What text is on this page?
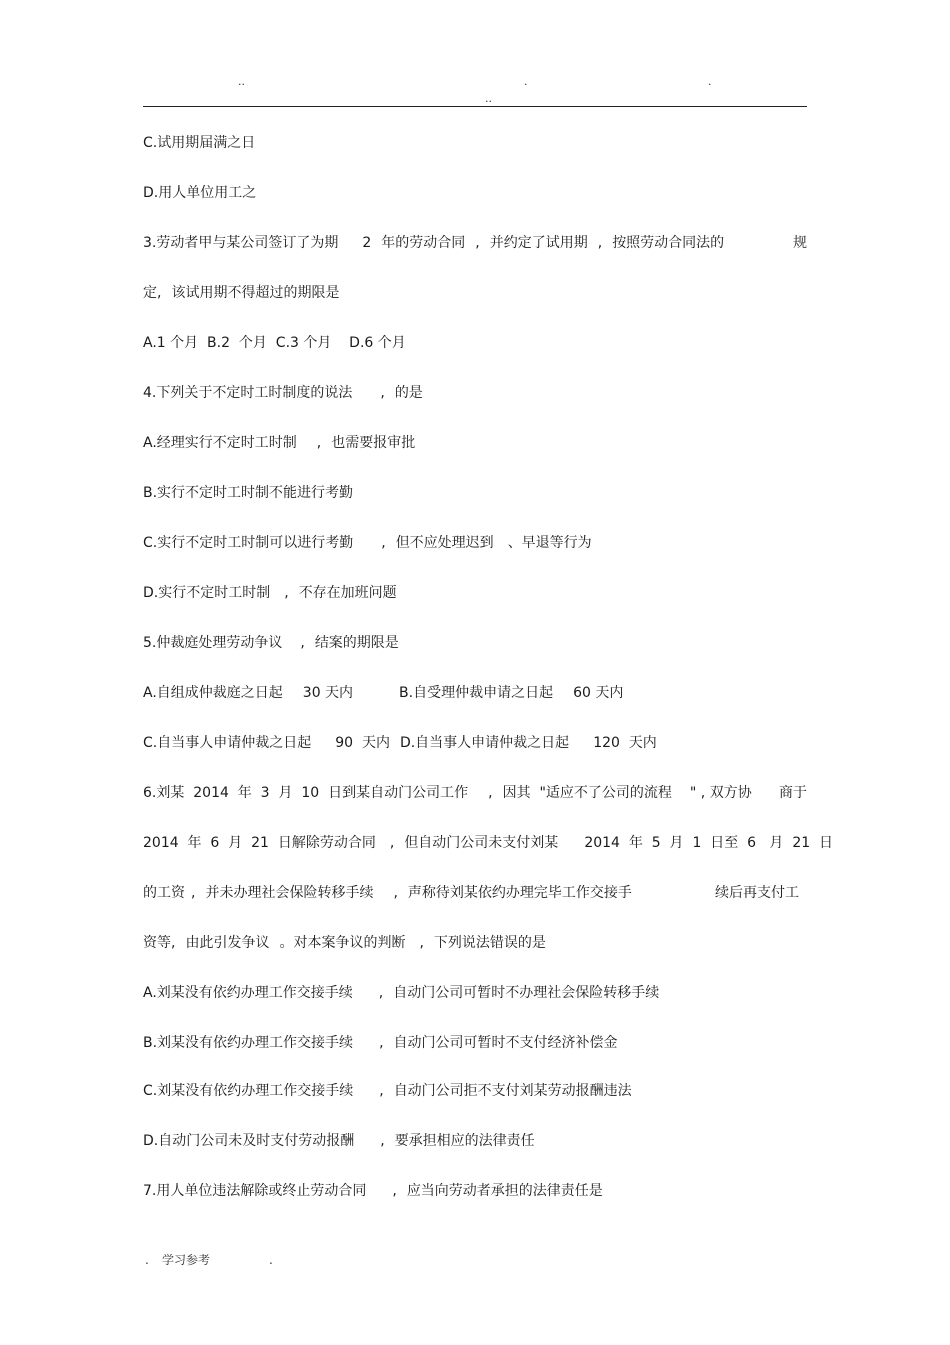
..	.	.
..
C.试用期届满之日
D.用人单位用工之
3.劳动者甲与某公司签订了为期 2 年的劳动合同 , 并约定了试用期 , 按照劳动合同法的	规
定, 该试用期不得超过的期限是
A.1 个月  B.2  个月  C.3 个月    D.6 个月
4.下列关于不定时工时制度的说法 , 的是
A.经理实行不定时工时制 , 也需要报审批
B.实行不定时工时制不能进行考勤
C.实行不定时工时制可以进行考勤 , 但不应处理迟到 、早退等行为
D.实行不定时工时制 , 不存在加班问题
5.仲裁庭处理劳动争议 , 结案的期限是
A.自组成仲裁庭之日起 30 天内	B.自受理仲裁申请之日起 60 天内
C.自当事人申请仲裁之日起 90  天内 D.自当事人申请仲裁之日起 120  天内
6.刘某  2014  年  3  月  10  日到某自动门公司工作 , 因其  "适应不了公司的流程 " , 双方协 商于
2014  年  6  月  21  日解除劳动合同 , 但自动门公司未支付刘某 2014  年  5  月  1  日至  6   月  21  日
的工资 , 并未办理社会保险转移手续 , 声称待刘某依约办理完毕工作交接手	续后再支付工
资等, 由此引发争议 。对本案争议的判断 , 下列说法错误的是
A.刘某没有依约办理工作交接手续 , 自动门公司可暂时不办理社会保险转移手续
B.刘某没有依约办理工作交接手续 , 自动门公司可暂时不支付经济补偿金
C.刘某没有依约办理工作交接手续 , 自动门公司拒不支付刘某劳动报酬违法
D.自动门公司未及时支付劳动报酬 , 要承担相应的法律责任
7.用人单位违法解除或终止劳动合同 , 应当向劳动者承担的法律责任是
. 学习参考	.
